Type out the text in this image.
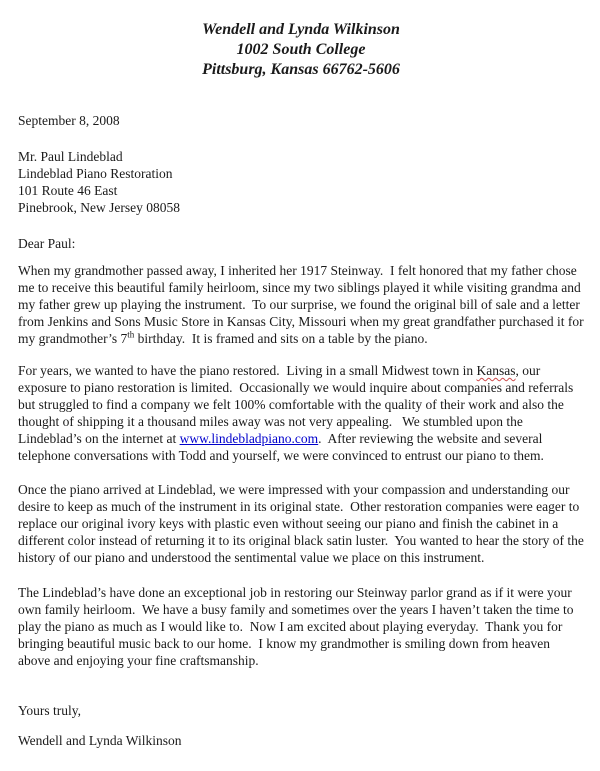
Wendell and Lynda Wilkinson
1002 South College
Pittsburg, Kansas 66762-5606
September 8, 2008
Mr. Paul Lindeblad
Lindeblad Piano Restoration
101 Route 46 East
Pinebrook, New Jersey 08058
Dear Paul:
When my grandmother passed away, I inherited her 1917 Steinway.  I felt honored that my father chose me to receive this beautiful family heirloom, since my two siblings played it while visiting grandma and my father grew up playing the instrument.  To our surprise, we found the original bill of sale and a letter from Jenkins and Sons Music Store in Kansas City, Missouri when my great grandfather purchased it for my grandmother’s 7th birthday.  It is framed and sits on a table by the piano.
For years, we wanted to have the piano restored.  Living in a small Midwest town in Kansas, our exposure to piano restoration is limited.  Occasionally we would inquire about companies and referrals but struggled to find a company we felt 100% comfortable with the quality of their work and also the thought of shipping it a thousand miles away was not very appealing.   We stumbled upon the Lindeblad’s on the internet at www.lindebladpiano.com.  After reviewing the website and several telephone conversations with Todd and yourself, we were convinced to entrust our piano to them.
Once the piano arrived at Lindeblad, we were impressed with your compassion and understanding our desire to keep as much of the instrument in its original state.  Other restoration companies were eager to replace our original ivory keys with plastic even without seeing our piano and finish the cabinet in a different color instead of returning it to its original black satin luster.  You wanted to hear the story of the history of our piano and understood the sentimental value we place on this instrument.
The Lindeblad’s have done an exceptional job in restoring our Steinway parlor grand as if it were your own family heirloom.  We have a busy family and sometimes over the years I haven’t taken the time to play the piano as much as I would like to.  Now I am excited about playing everyday.  Thank you for bringing beautiful music back to our home.  I know my grandmother is smiling down from heaven above and enjoying your fine craftsmanship.
Yours truly,
Wendell and Lynda Wilkinson
